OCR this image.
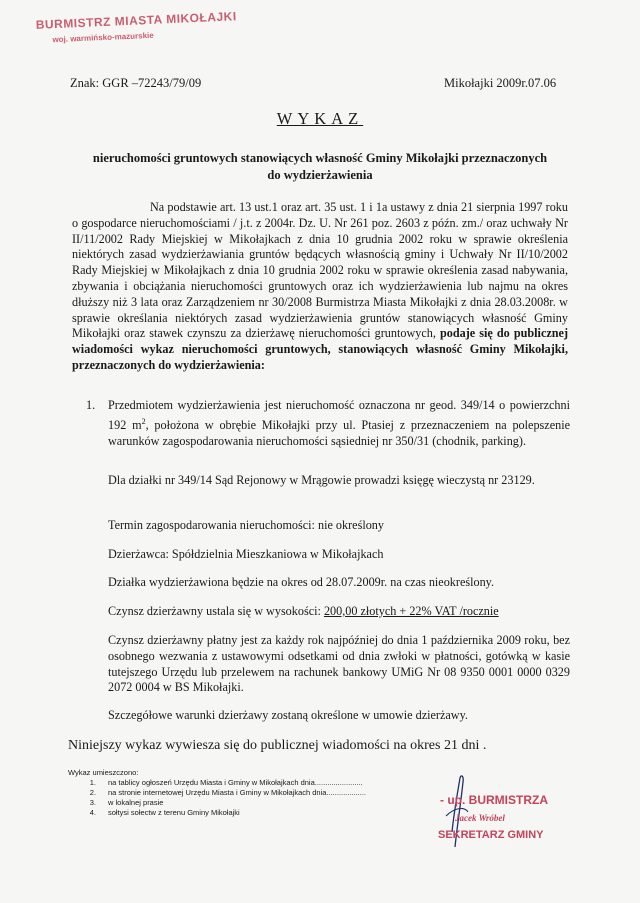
BURMISTRZ MIASTA MIKOŁAJKI
woj. warmińsko-mazurskie
Znak: GGR –72243/79/09	Mikołajki 2009r.07.06
WYKAZ
nieruchomości gruntowych stanowiących własność Gminy Mikołajki przeznaczonych
do wydzierżawienia
Na podstawie art. 13 ust.1 oraz art. 35 ust. 1 i 1a ustawy z dnia 21 sierpnia 1997 roku o gospodarce nieruchomościami / j.t. z 2004r. Dz. U. Nr 261 poz. 2603 z późn. zm./ oraz uchwały Nr II/11/2002 Rady Miejskiej w Mikołajkach z dnia 10 grudnia 2002 roku w sprawie określenia niektórych zasad wydzierżawiania gruntów będących własnością gminy i Uchwały Nr II/10/2002 Rady Miejskiej w Mikołajkach z dnia 10 grudnia 2002 roku w sprawie określenia zasad nabywania, zbywania i obciążania nieruchomości gruntowych oraz ich wydzierżawienia lub najmu na okres dłuższy niż 3 lata oraz Zarządzeniem nr 30/2008 Burmistrza Miasta Mikołajki z dnia 28.03.2008r. w sprawie określania niektórych zasad wydzierżawienia gruntów stanowiących własność Gminy Mikołajki oraz stawek czynszu za dzierżawę nieruchomości gruntowych, podaje się do publicznej wiadomości wykaz nieruchomości gruntowych, stanowiących własność Gminy Mikołajki, przeznaczonych do wydzierżawienia:
1. Przedmiotem wydzierżawienia jest nieruchomość oznaczona nr geod. 349/14 o powierzchni 192 $m^2$, położona w obrębie Mikołajki przy ul. Ptasiej z przeznaczeniem na polepszenie warunków zagospodarowania nieruchomości sąsiedniej nr 350/31 (chodnik, parking).
Dla działki nr 349/14 Sąd Rejonowy w Mrągowie prowadzi księgę wieczystą nr 23129.
Termin zagospodarowania nieruchomości: nie określony
Dzierżawca: Spółdzielnia Mieszkaniowa w Mikołajkach
Działka wydzierżawiona będzie na okres od 28.07.2009r. na czas nieokreślony.
Czynsz dzierżawny ustala się w wysokości: 200,00 złotych + 22% VAT /rocznie
Czynsz dzierżawny płatny jest za każdy rok najpóźniej do dnia 1 października 2009 roku, bez osobnego wezwania z ustawowymi odsetkami od dnia zwłoki w płatności, gotówką w kasie tutejszego Urzędu lub przelewem na rachunek bankowy UMiG Nr 08 9350 0001 0000 0329 2072 0004 w BS Mikołajki.
Szczegółowe warunki dzierżawy zostaną określone w umowie dzierżawy.
Niniejszy wykaz wywiesza się do publicznej wiadomości na okres 21 dni .
Wykaz umieszczono:
1.	na tablicy ogłoszeń Urzędu Miasta i Gminy w Mikołajkach dnia.......................
2.	na stronie internetowej Urzędu Miasta i Gminy w Mikołajkach dnia...................
3.	w lokalnej prasie
4.	sołtysi sołectw z terenu Gminy Mikołajki
- up. BURMISTRZA
Jacek Wróbel
SEKRETARZ GMINY
